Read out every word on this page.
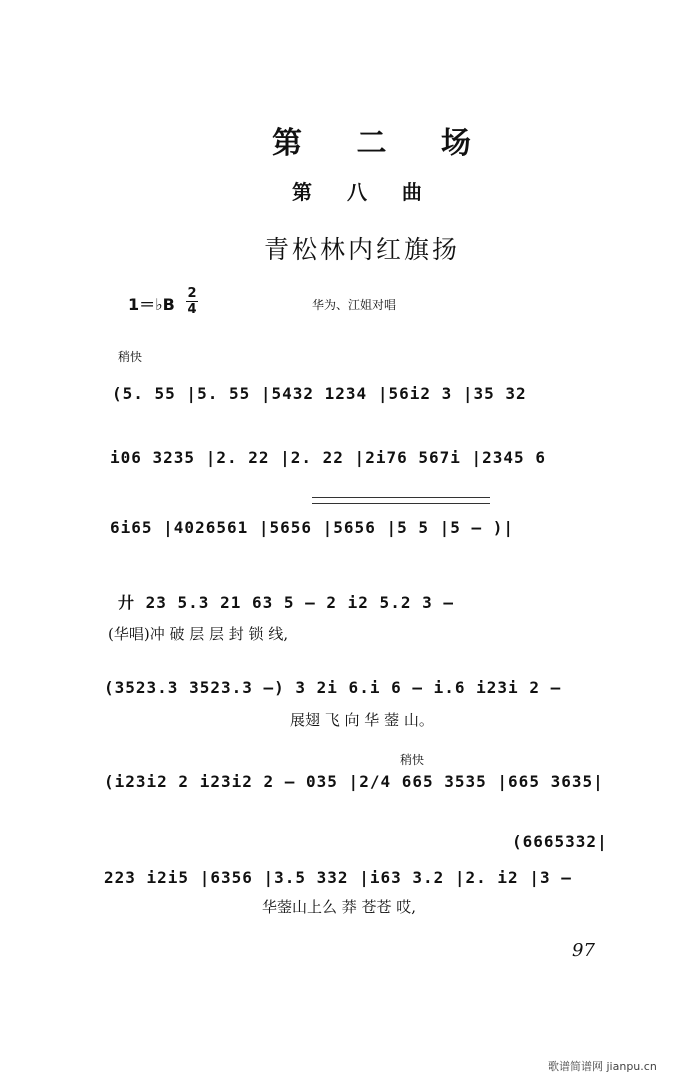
第 二 场
第 八 曲
青松林内红旗扬
1＝♭B
2
4	华为、江姐对唱
稍快
(5. 55 |5. 55 |5432 1234 |56i2 3 |35 32
i06 3235 |2. 22 |2. 22 |2i76 567i |2345 6
6i65 |4026561 |5656 |5656 |5 5 |5 — )|
廾 23 5.3 21 63 5 — 2 i2 5.2 3 —
(华唱)冲 破 层 层 封 锁 线,
(3523.3 3523.3 —) 3 2i 6.i 6 — i.6 i23i 2 —
展翅 飞 向 华 蓥 山。
稍快
(i23i2 2 i23i2 2 — 035 |2/4 665 3535 |665 3635|
(6665332|
223 i2i5 |6356 |3.5 332 |i63 3.2 |2. i2 |3 —
华蓥山上么 莽 苍苍 哎,
97
歌谱简谱网 jianpu.cn
